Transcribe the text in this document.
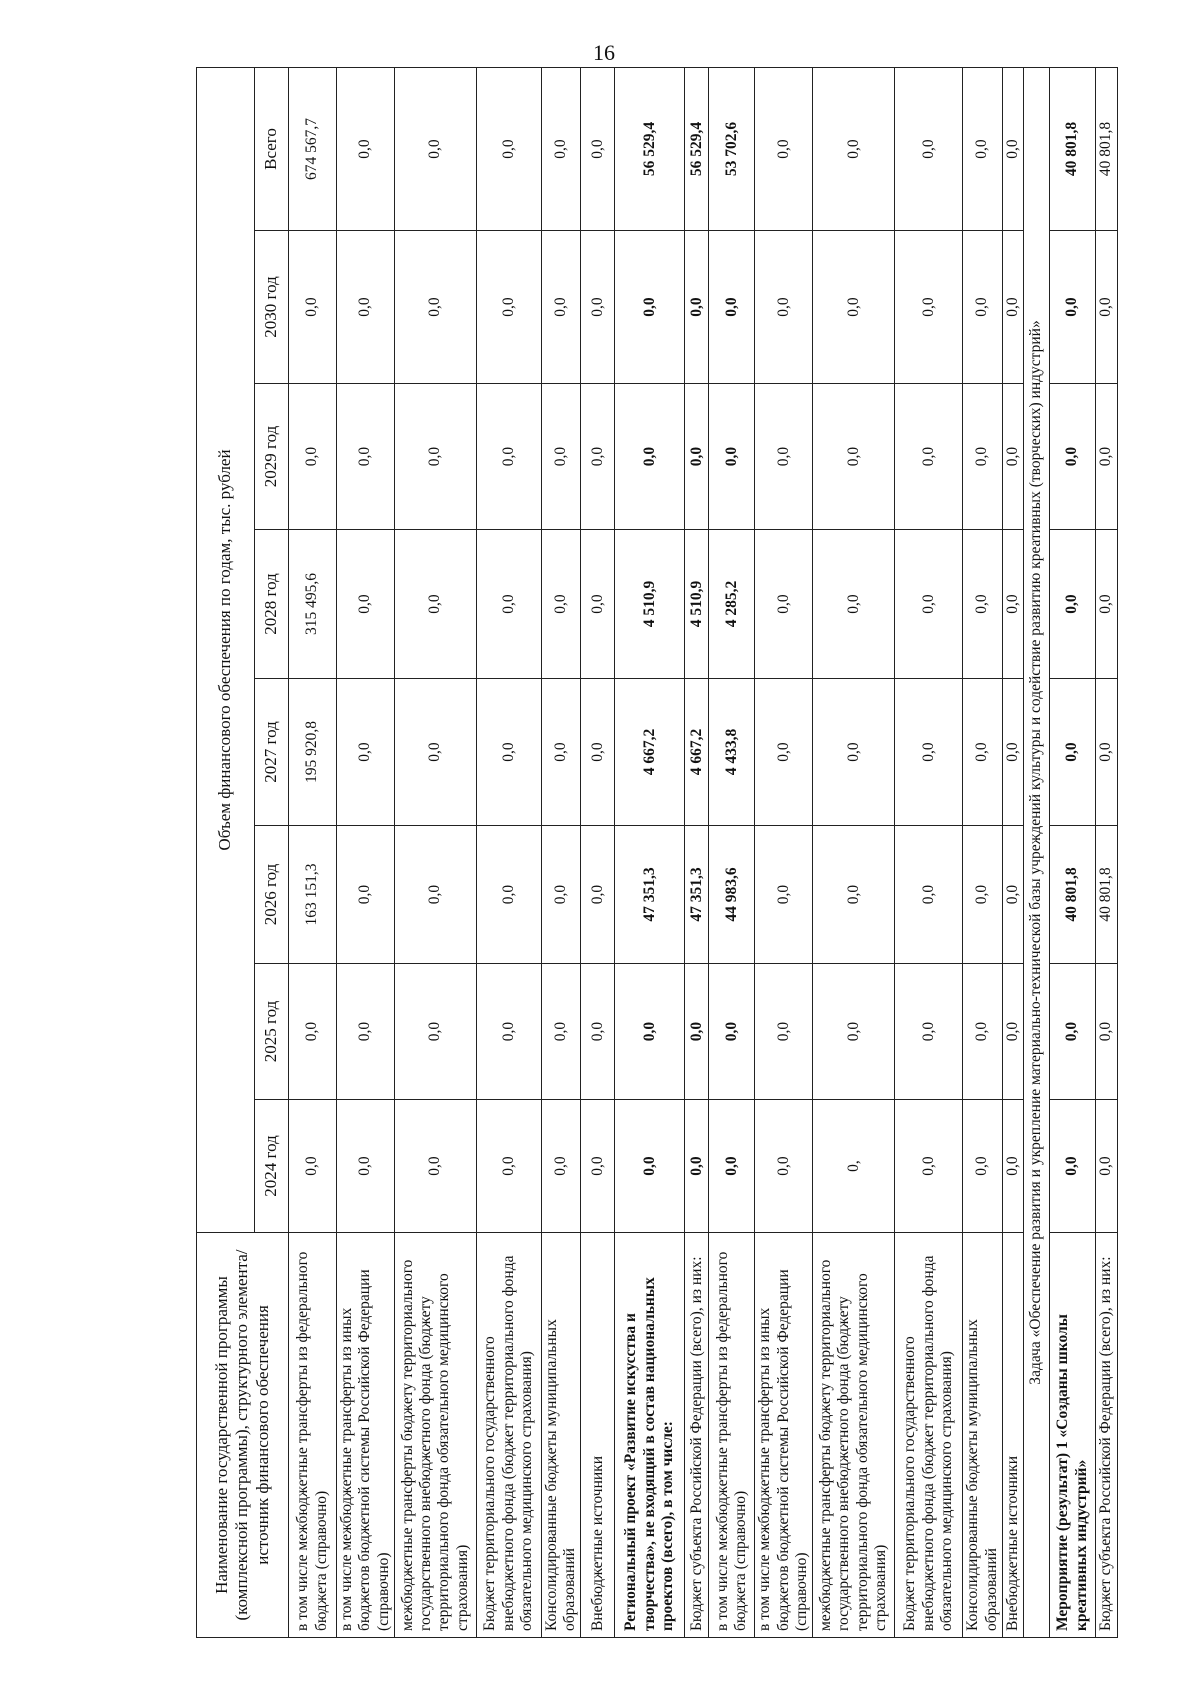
16
Наименование государственной программы (комплексной программы), структурного элемента/источник финансового обеспечения	Объем финансового обеспечения по годам, тыс. рублей							
	2024 год	2025 год	2026 год	2027 год	2028 год	2029 год	2030 год	Всего
в том числе межбюджетные трансферты из федерального бюджета (справочно)	0,0	0,0	163 151,3	195 920,8	315 495,6	0,0	0,0	674 567,7
в том числе межбюджетные трансферты из иных бюджетов бюджетной системы Российской Федерации (справочно)	0,0	0,0	0,0	0,0	0,0	0,0	0,0	0,0
межбюджетные трансферты бюджету территориального государственного внебюджетного фонда (бюджету территориального фонда обязательного медицинского страхования)	0,0	0,0	0,0	0,0	0,0	0,0	0,0	0,0
Бюджет территориального государственного внебюджетного фонда (бюджет территориального фонда обязательного медицинского страхования)	0,0	0,0	0,0	0,0	0,0	0,0	0,0	0,0
Консолидированные бюджеты муниципальных образований	0,0	0,0	0,0	0,0	0,0	0,0	0,0	0,0
Внебюджетные источники	0,0	0,0	0,0	0,0	0,0	0,0	0,0	0,0
Региональный проект «Развитие искусства и творчества», не входящий в состав национальных проектов (всего), в том числе:	0,0	0,0	47 351,3	4 667,2	4 510,9	0,0	0,0	56 529,4
Бюджет субъекта Российской Федерации (всего), из них:	0,0	0,0	47 351,3	4 667,2	4 510,9	0,0	0,0	56 529,4
в том числе межбюджетные трансферты из федерального бюджета (справочно)	0,0	0,0	44 983,6	4 433,8	4 285,2	0,0	0,0	53 702,6
в том числе межбюджетные трансферты из иных бюджетов бюджетной системы Российской Федерации (справочно)	0,0	0,0	0,0	0,0	0,0	0,0	0,0	0,0
межбюджетные трансферты бюджету территориального государственного внебюджетного фонда (бюджету территориального фонда обязательного медицинского страхования)	0,	0,0	0,0	0,0	0,0	0,0	0,0	0,0
Бюджет территориального государственного внебюджетного фонда (бюджет территориального фонда обязательного медицинского страхования)	0,0	0,0	0,0	0,0	0,0	0,0	0,0	0,0
Консолидированные бюджеты муниципальных образований	0,0	0,0	0,0	0,0	0,0	0,0	0,0	0,0
Внебюджетные источники	0,0	0,0	0,0	0,0	0,0	0,0	0,0	0,0
Задача «Обеспечение развития и укрепление материально-технической базы учреждений культуры и содействие развитию креативных (творческих) индустрий»								
Мероприятие (результат) 1 «Созданы школы креативных индустрий»	0,0	0,0	40 801,8	0,0	0,0	0,0	0,0	40 801,8
Бюджет субъекта Российской Федерации (всего), из них:	0,0	0,0	40 801,8	0,0	0,0	0,0	0,0	40 801,8
